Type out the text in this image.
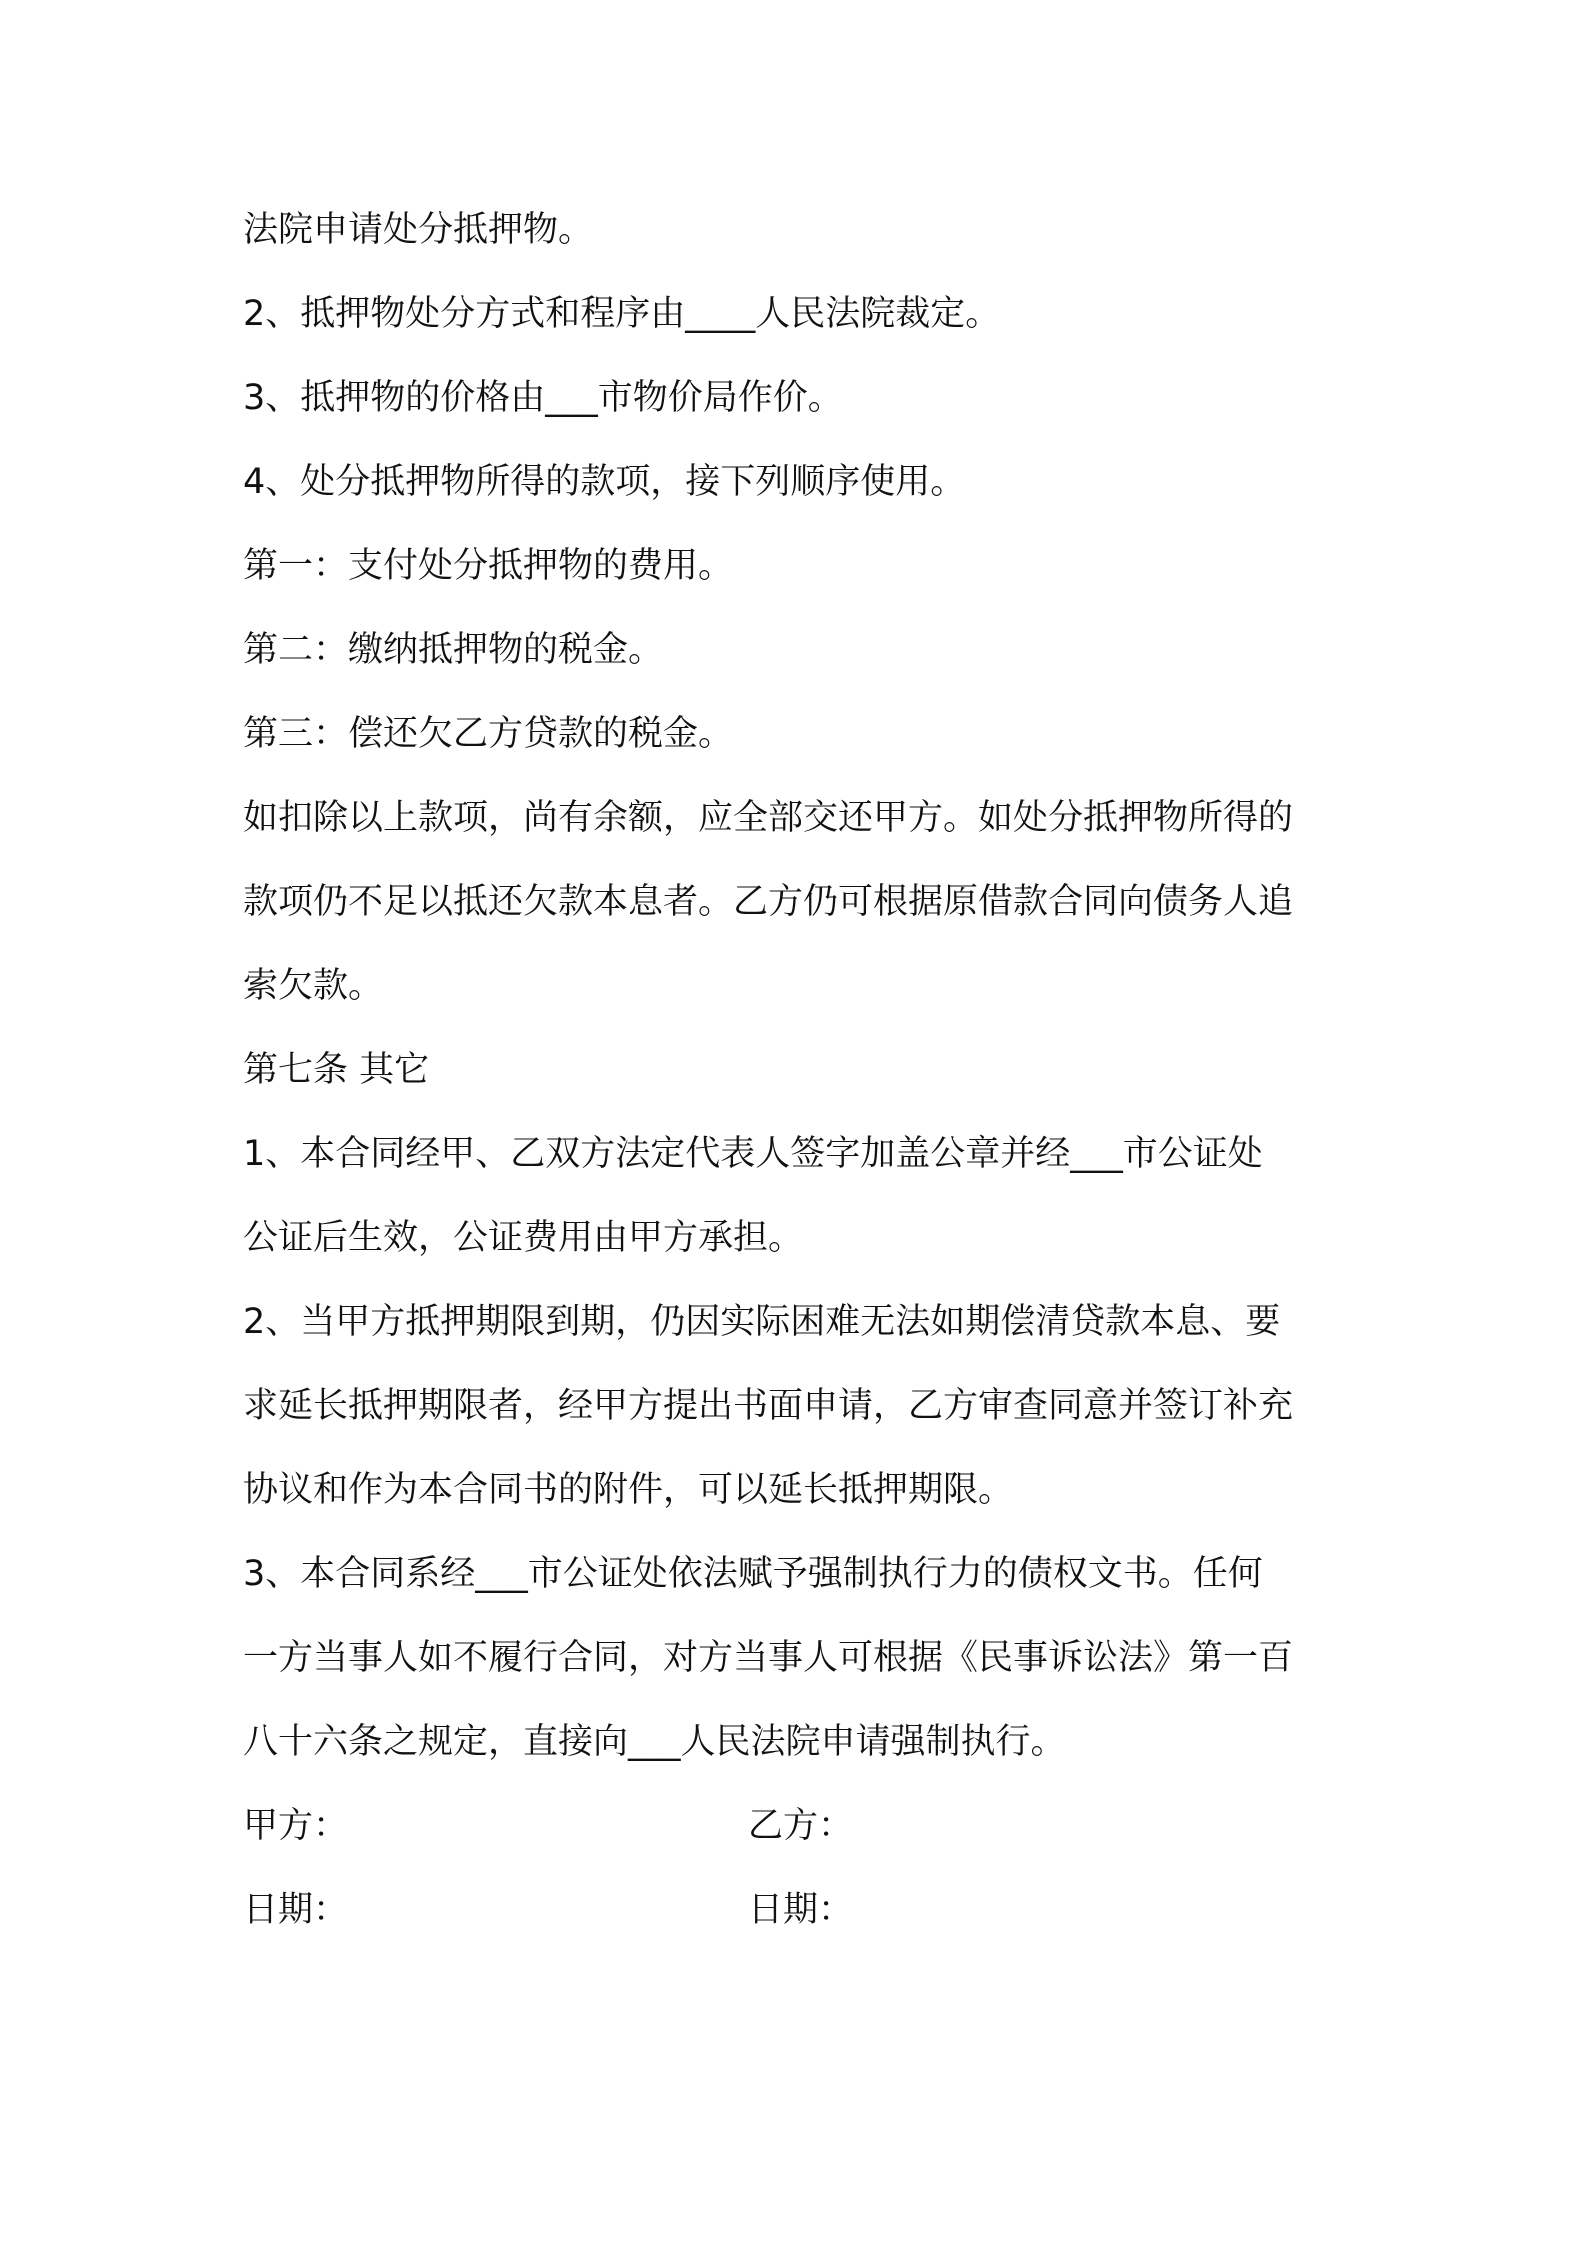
法院申请处分抵押物。
2、抵押物处分方式和程序由____人民法院裁定。
3、抵押物的价格由___市物价局作价。
4、处分抵押物所得的款项，接下列顺序使用。
第一：支付处分抵押物的费用。
第二：缴纳抵押物的税金。
第三：偿还欠乙方贷款的税金。
如扣除以上款项，尚有余额，应全部交还甲方。如处分抵押物所得的
款项仍不足以抵还欠款本息者。乙方仍可根据原借款合同向债务人追
索欠款。
第七条 其它
1、本合同经甲、乙双方法定代表人签字加盖公章并经___市公证处
公证后生效，公证费用由甲方承担。
2、当甲方抵押期限到期，仍因实际困难无法如期偿清贷款本息、要
求延长抵押期限者，经甲方提出书面申请，乙方审查同意并签订补充
协议和作为本合同书的附件，可以延长抵押期限。
3、本合同系经___市公证处依法赋予强制执行力的债权文书。任何
一方当事人如不履行合同，对方当事人可根据《民事诉讼法》第一百
八十六条之规定，直接向___人民法院申请强制执行。
甲方：	乙方：
日期：	日期：
